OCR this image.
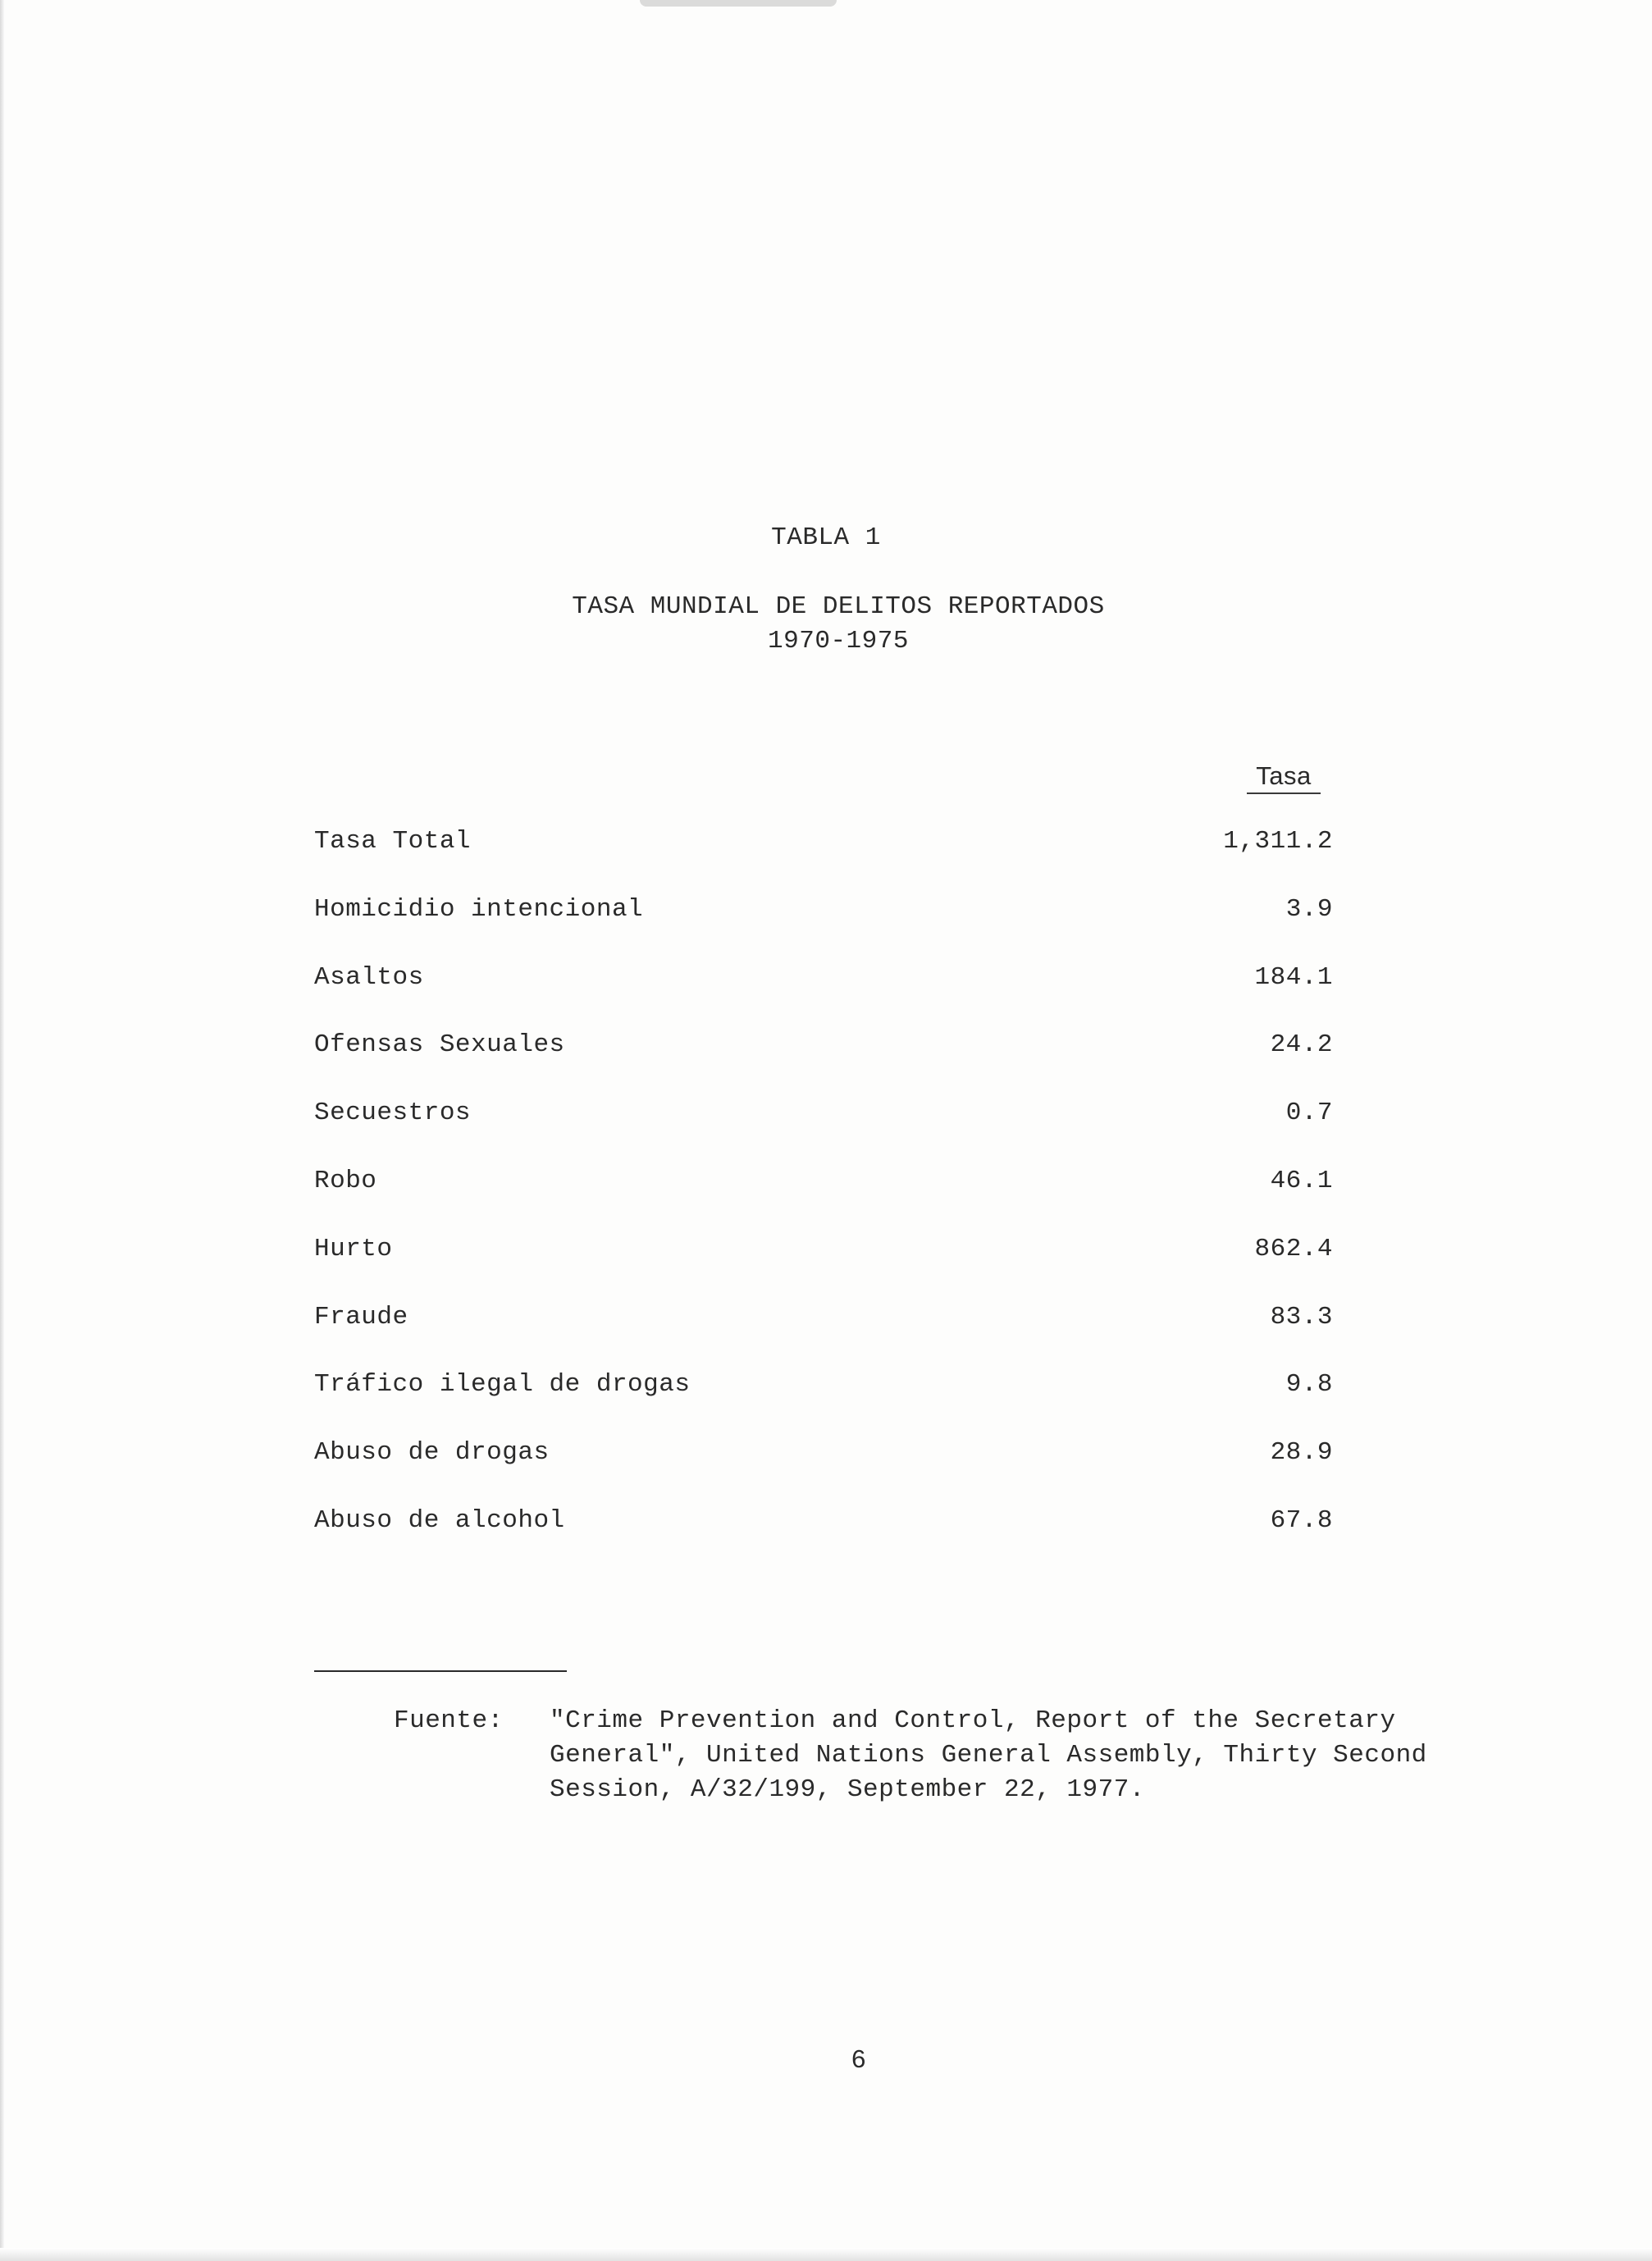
TABLA 1
TASA MUNDIAL DE DELITOS REPORTADOS
1970-1975
Tasa
Tasa Total	1,311.2
Homicidio intencional	3.9
Asaltos	184.1
Ofensas Sexuales	24.2
Secuestros	0.7
Robo	46.1
Hurto	862.4
Fraude	83.3
Tráfico ilegal de drogas	9.8
Abuso de drogas	28.9
Abuso de alcohol	67.8
Fuente: "Crime Prevention and Control, Report of the Secretary
General", United Nations General Assembly, Thirty Second
Session, A/32/199, September 22, 1977.
6
